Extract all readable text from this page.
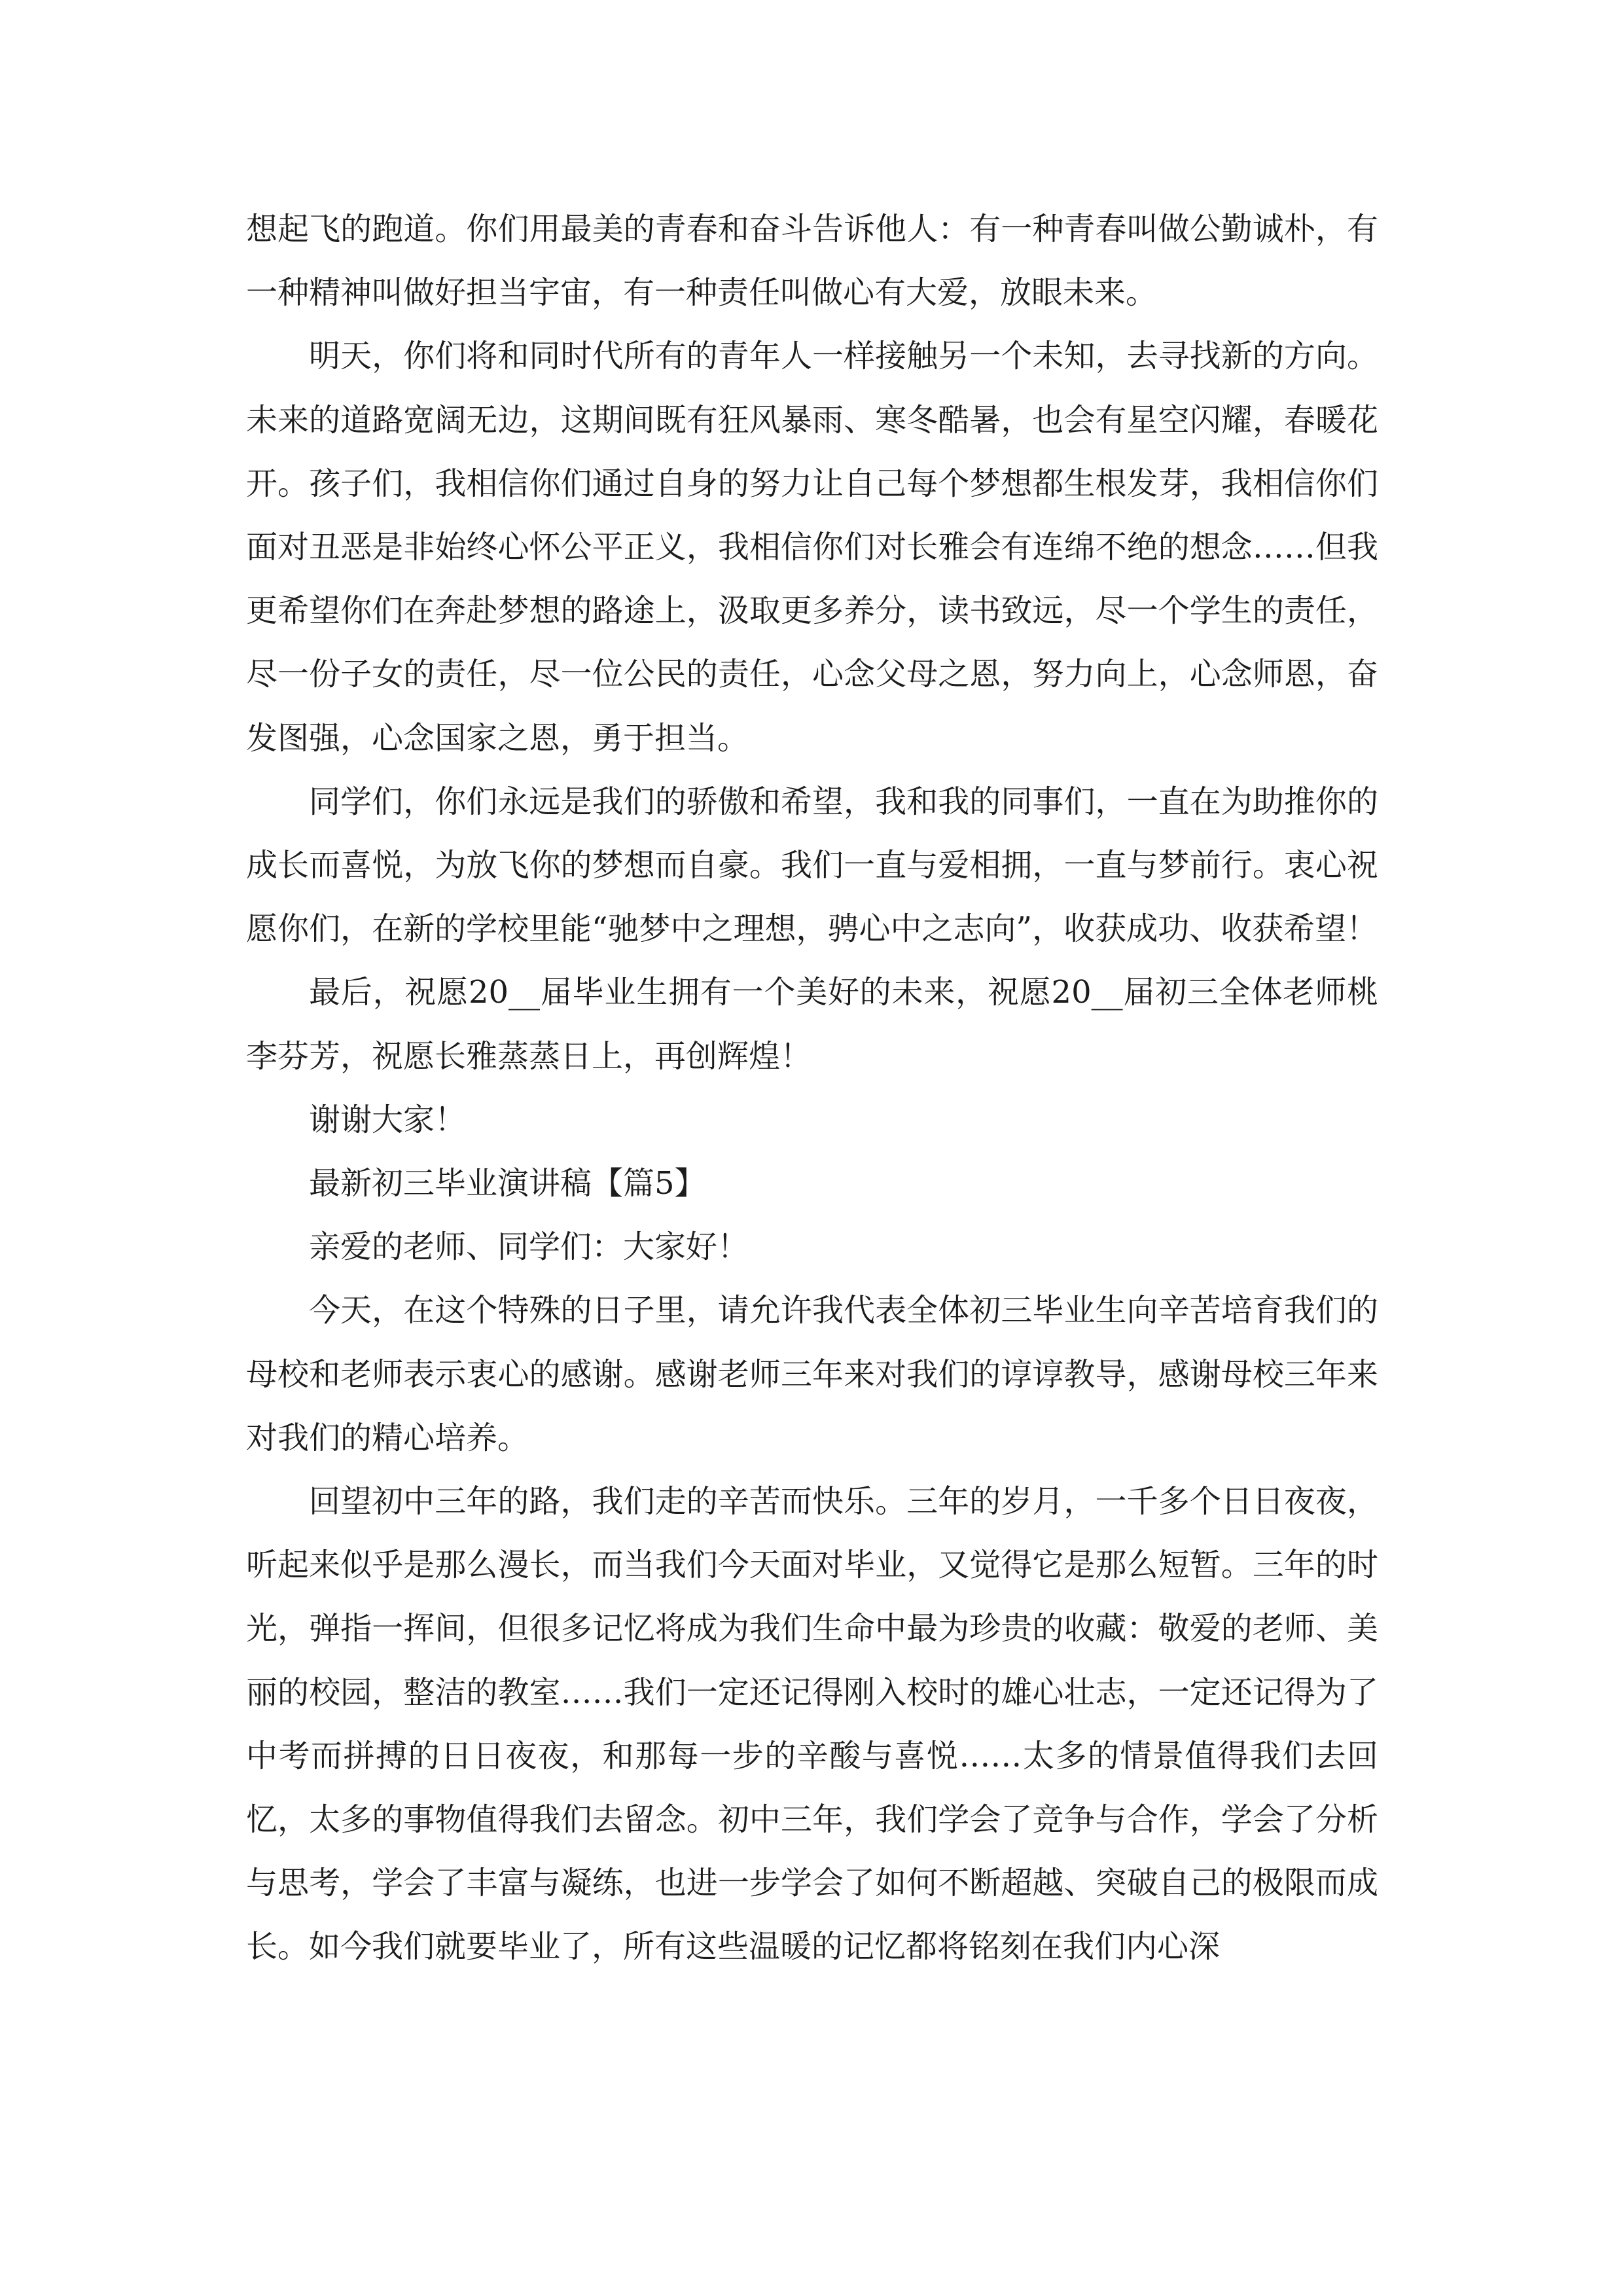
想起飞的跑道。你们用最美的青春和奋斗告诉他人：有一种青春叫做公勤诚朴，有一种精神叫做好担当宇宙，有一种责任叫做心有大爱，放眼未来。

明天，你们将和同时代所有的青年人一样接触另一个未知，去寻找新的方向。未来的道路宽阔无边，这期间既有狂风暴雨、寒冬酷暑，也会有星空闪耀，春暖花开。孩子们，我相信你们通过自身的努力让自己每个梦想都生根发芽，我相信你们面对丑恶是非始终心怀公平正义，我相信你们对长雅会有连绵不绝的想念……但我更希望你们在奔赴梦想的路途上，汲取更多养分，读书致远，尽一个学生的责任，尽一份子女的责任，尽一位公民的责任，心念父母之恩，努力向上，心念师恩，奋发图强，心念国家之恩，勇于担当。

同学们，你们永远是我们的骄傲和希望，我和我的同事们，一直在为助推你的成长而喜悦，为放飞你的梦想而自豪。我们一直与爱相拥，一直与梦前行。衷心祝愿你们，在新的学校里能“驰梦中之理想，骋心中之志向”，收获成功、收获希望！

最后，祝愿20__届毕业生拥有一个美好的未来，祝愿20__届初三全体老师桃李芬芳，祝愿长雅蒸蒸日上，再创辉煌！

谢谢大家！

最新初三毕业演讲稿【篇5】

亲爱的老师、同学们：大家好！

今天，在这个特殊的日子里，请允许我代表全体初三毕业生向辛苦培育我们的母校和老师表示衷心的感谢。感谢老师三年来对我们的谆谆教导，感谢母校三年来对我们的精心培养。

回望初中三年的路，我们走的辛苦而快乐。三年的岁月，一千多个日日夜夜，听起来似乎是那么漫长，而当我们今天面对毕业，又觉得它是那么短暂。三年的时光，弹指一挥间，但很多记忆将成为我们生命中最为珍贵的收藏：敬爱的老师、美丽的校园，整洁的教室……我们一定还记得刚入校时的雄心壮志，一定还记得为了中考而拼搏的日日夜夜，和那每一步的辛酸与喜悦……太多的情景值得我们去回忆，太多的事物值得我们去留念。初中三年，我们学会了竞争与合作，学会了分析与思考，学会了丰富与凝练，也进一步学会了如何不断超越、突破自己的极限而成长。如今我们就要毕业了，所有这些温暖的记忆都将铭刻在我们内心深
